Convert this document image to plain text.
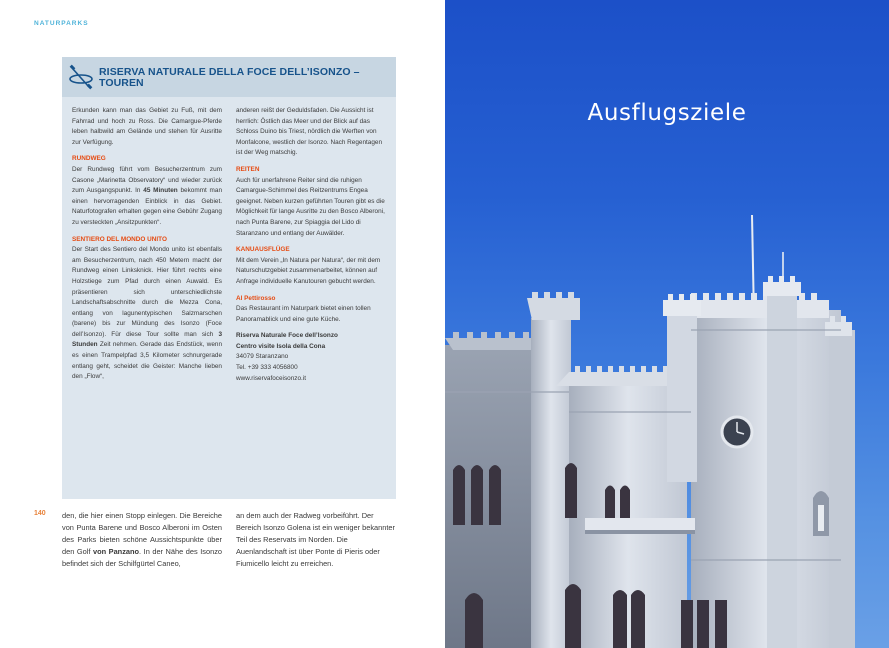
NATURPARKS
RISERVA NATURALE DELLA FOCE DELL’ISONZO –
TOUREN

Erkunden kann man das Gebiet zu Fuß, mit dem Fahrrad und hoch zu Ross. Die Camargue-Pferde leben halbwild am Gelände und stehen für Ausritte zur Verfügung.

RUNDWEG

Der Rundweg führt vom Besucherzentrum zum Casone „Marinetta Observatory“ und wieder zurück zum Ausgangspunkt. In 45 Minuten bekommt man einen hervorragenden Einblick in das Gebiet. Naturfotografen erhalten gegen eine Gebühr Zugang zu versteckten „Ansitzpunkten“.

SENTIERO DEL MONDO UNITO

Der Start des Sentiero del Mondo unito ist ebenfalls am Besucherzentrum, nach 450 Metern macht der Rundweg einen Linksknick. Hier führt rechts eine Holzstiege zum Pfad durch einen Auwald. Es präsentieren sich unterschiedlichste Landschaftsabschnitte durch die Mezza Cona, entlang von lagunentypischen Salzmarschen (barene) bis zur Mündung des Isonzo (Foce dell’Isonzo). Für diese Tour sollte man sich 3 Stunden Zeit nehmen. Gerade das Endstück, wenn es einen Trampelpfad 3,5 Kilometer schnurgerade entlang geht, scheidet die Geister: Manche lieben den „Flow“,

anderen reißt der Geduldsfaden. Die Aussicht ist herrlich: Östlich das Meer und der Blick auf das Schloss Duino bis Triest, nördlich die Werften von Monfalcone, westlich der Isonzo. Nach Regentagen ist der Weg matschig.

REITEN

Auch für unerfahrene Reiter sind die ruhigen Camargue-Schimmel des Reitzentrums Engea geeignet. Neben kurzen geführten Touren gibt es die Möglichkeit für lange Ausritte zu den Bosco Alberoni, nach Punta Barene, zur Spiaggia del Lido di Staranzano und entlang der Auwälder.

KANUAUSFLÜGE

Mit dem Verein „In Natura per Natura“, der mit dem Naturschutzgebiet zusammenarbeitet, können auf Anfrage individuelle Kanutouren gebucht werden.

Al Pettirosso

Das Restaurant im Naturpark bietet einen tollen Panoramablick und eine gute Küche.

Riserva Naturale Foce dell’Isonzo
Centro visite Isola della Cona
34079 Staranzano
Tel. +39 333 4056800
www.riservafoceisonzo.it

140 den, die hier einen Stopp einlegen. Die Bereiche von Punta Barene und Bosco Alberoni im Osten des Parks bieten schöne Aussichtspunkte über den Golf von Panzano. In der Nähe des Isonzo befindet sich der Schilfgürtel Caneo,
an dem auch der Radweg vorbeiführt. Der Bereich Isonzo Golena ist ein weniger bekannter Teil des Reservats im Norden. Die Auenlandschaft ist über Ponte di Pieris oder Fiumicello leicht zu erreichen.
Ausflugsziele
